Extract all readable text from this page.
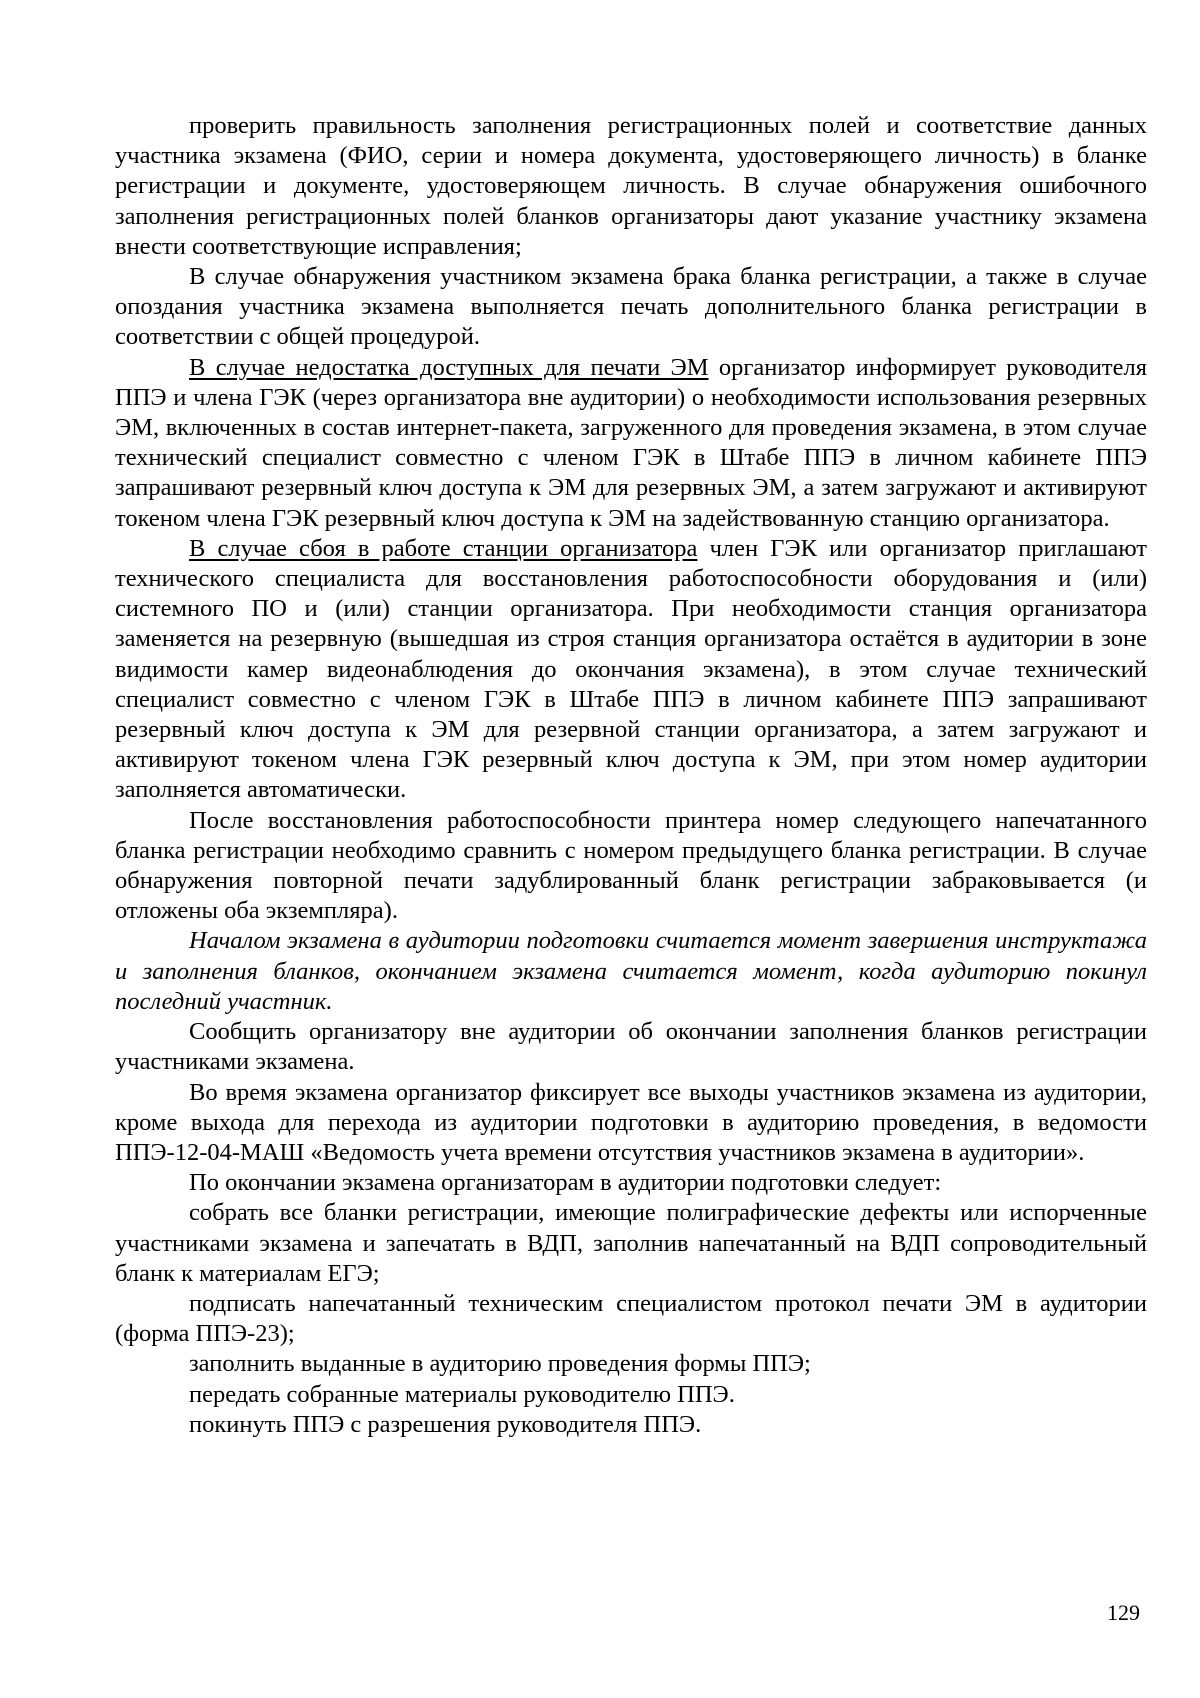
проверить правильность заполнения регистрационных полей и соответствие данных участника экзамена (ФИО, серии и номера документа, удостоверяющего личность) в бланке регистрации и документе, удостоверяющем личность. В случае обнаружения ошибочного заполнения регистрационных полей бланков организаторы дают указание участнику экзамена внести соответствующие исправления;

В случае обнаружения участником экзамена брака бланка регистрации, а также в случае опоздания участника экзамена выполняется печать дополнительного бланка регистрации в соответствии с общей процедурой.

В случае недостатка доступных для печати ЭМ организатор информирует руководителя ППЭ и члена ГЭК (через организатора вне аудитории) о необходимости использования резервных ЭМ, включенных в состав интернет-пакета, загруженного для проведения экзамена, в этом случае технический специалист совместно с членом ГЭК в Штабе ППЭ в личном кабинете ППЭ запрашивают резервный ключ доступа к ЭМ для резервных ЭМ, а затем загружают и активируют токеном члена ГЭК резервный ключ доступа к ЭМ на задействованную станцию организатора.

В случае сбоя в работе станции организатора член ГЭК или организатор приглашают технического специалиста для восстановления работоспособности оборудования и (или) системного ПО и (или) станции организатора. При необходимости станция организатора заменяется на резервную (вышедшая из строя станция организатора остаётся в аудитории в зоне видимости камер видеонаблюдения до окончания экзамена), в этом случае технический специалист совместно с членом ГЭК в Штабе ППЭ в личном кабинете ППЭ запрашивают резервный ключ доступа к ЭМ для резервной станции организатора, а затем загружают и активируют токеном члена ГЭК резервный ключ доступа к ЭМ, при этом номер аудитории заполняется автоматически.

После восстановления работоспособности принтера номер следующего напечатанного бланка регистрации необходимо сравнить с номером предыдущего бланка регистрации. В случае обнаружения повторной печати задублированный бланк регистрации забраковывается (и отложены оба экземпляра).

Началом экзамена в аудитории подготовки считается момент завершения инструктажа и заполнения бланков, окончанием экзамена считается момент, когда аудиторию покинул последний участник.

Сообщить организатору вне аудитории об окончании заполнения бланков регистрации участниками экзамена.

Во время экзамена организатор фиксирует все выходы участников экзамена из аудитории, кроме выхода для перехода из аудитории подготовки в аудиторию проведения, в ведомости ППЭ-12-04-МАШ «Ведомость учета времени отсутствия участников экзамена в аудитории».

По окончании экзамена организаторам в аудитории подготовки следует:

собрать все бланки регистрации, имеющие полиграфические дефекты или испорченные участниками экзамена и запечатать в ВДП, заполнив напечатанный на ВДП сопроводительный бланк к материалам ЕГЭ;

подписать напечатанный техническим специалистом протокол печати ЭМ в аудитории (форма ППЭ-23);

заполнить выданные в аудиторию проведения формы ППЭ;

передать собранные материалы руководителю ППЭ.

покинуть ППЭ с разрешения руководителя ППЭ.

129
